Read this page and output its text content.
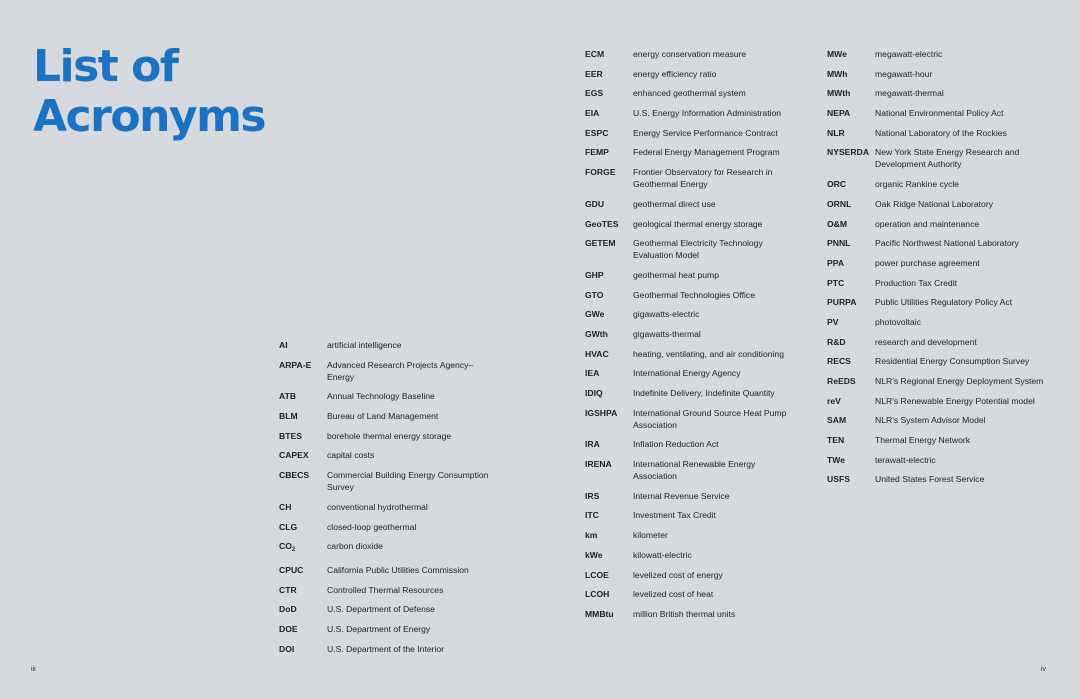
List of
Acronyms
AI	artificial intelligence
ARPA-E	Advanced Research Projects Agency–Energy
ATB	Annual Technology Baseline
BLM	Bureau of Land Management
BTES	borehole thermal energy storage
CAPEX	capital costs
CBECS	Commercial Building Energy Consumption Survey
CH	conventional hydrothermal
CLG	closed-loop geothermal
$CO_2$	carbon dioxide
CPUC	California Public Utilities Commission
CTR	Controlled Thermal Resources
DoD	U.S. Department of Defense
DOE	U.S. Department of Energy
DOI	U.S. Department of the Interior
ECM	energy conservation measure
EER	energy efficiency ratio
EGS	enhanced geothermal system
EIA	U.S. Energy Information Administration
ESPC	Energy Service Performance Contract
FEMP	Federal Energy Management Program
FORGE	Frontier Observatory for Research in Geothermal Energy
GDU	geothermal direct use
GeoTES	geological thermal energy storage
GETEM	Geothermal Electricity Technology Evaluation Model
GHP	geothermal heat pump
GTO	Geothermal Technologies Office
GWe	gigawatts-electric
GWth	gigawatts-thermal
HVAC	heating, ventilating, and air conditioning
IEA	International Energy Agency
IDIQ	Indefinite Delivery, Indefinite Quantity
IGSHPA	International Ground Source Heat Pump Association
IRA	Inflation Reduction Act
IRENA	International Renewable Energy Association
IRS	Internal Revenue Service
ITC	Investment Tax Credit
km	kilometer
kWe	kilowatt-electric
LCOE	levelized cost of energy
LCOH	levelized cost of heat
MMBtu	million British thermal units
MWe	megawatt-electric
MWh	megawatt-hour
MWth	megawatt-thermal
NEPA	National Environmental Policy Act
NLR	National Laboratory of the Rockies
NYSERDA New York State Energy Research and Development Authority
ORC	organic Rankine cycle
ORNL	Oak Ridge National Laboratory
O&M	operation and maintenance
PNNL	Pacific Northwest National Laboratory
PPA	power purchase agreement
PTC	Production Tax Credit
PURPA	Public Utilities Regulatory Policy Act
PV	photovoltaic
R&D	research and development
RECS	Residential Energy Consumption Survey
ReEDS	NLR's Regional Energy Deployment System
reV	NLR's Renewable Energy Potential model
SAM	NLR's System Advisor Model
TEN	Thermal Energy Network
TWe	terawatt-electric
USFS	United States Forest Service
iii	iv
